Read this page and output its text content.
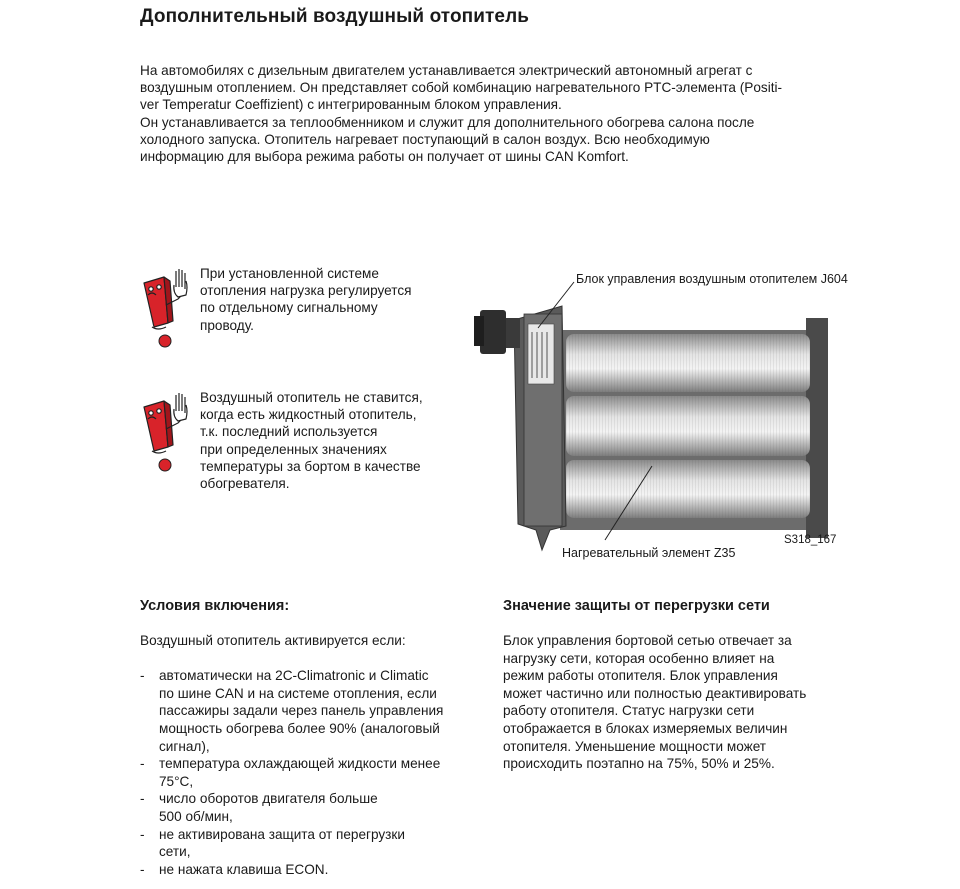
Дополнительный воздушный отопитель

На автомобилях с дизельным двигателем устанавливается электрический автономный агрегат с

воздушным отоплением. Он представляет собой комбинацию нагревательного PTC-элемента (Positi-

ver Temperatur Coeffizient) с интегрированным блоком управления.

Он устанавливается за теплообменником и служит для дополнительного обогрева салона после

холодного запуска. Отопитель нагревает поступающий в салон воздух. Всю необходимую

информацию для выбора режима работы он получает от шины CAN Komfort.

При установленной системе

отопления нагрузка регулируется

по отдельному сигнальному

проводу.

Воздушный отопитель не ставится,

когда есть жидкостный отопитель,

т.к. последний используется

при определенных значениях

температуры за бортом в качестве

обогревателя.

Блок управления воздушным отопителем J604
Нагревательный элемент Z35
S318_167
Условия включения:

Воздушный отопитель активируется если:

- автоматически на 2C-Climatronic и Climatic
по шине CAN и на системе отопления, если
пассажиры задали через панель управления
мощность обогрева более 90% (аналоговый
сигнал),
- температура охлаждающей жидкости менее
75°C,
- число оборотов двигателя больше
500 об/мин,
- не активирована защита от перегрузки
сети,
- не нажата клавиша ECON.
Значение защиты от перегрузки сети

Блок управления бортовой сетью отвечает за

нагрузку сети, которая особенно влияет на

режим работы отопителя. Блок управления

может частично или полностью деактивировать

работу отопителя. Статус нагрузки сети

отображается в блоках измеряемых величин

отопителя. Уменьшение мощности может

происходить поэтапно на 75%, 50% и 25%.
